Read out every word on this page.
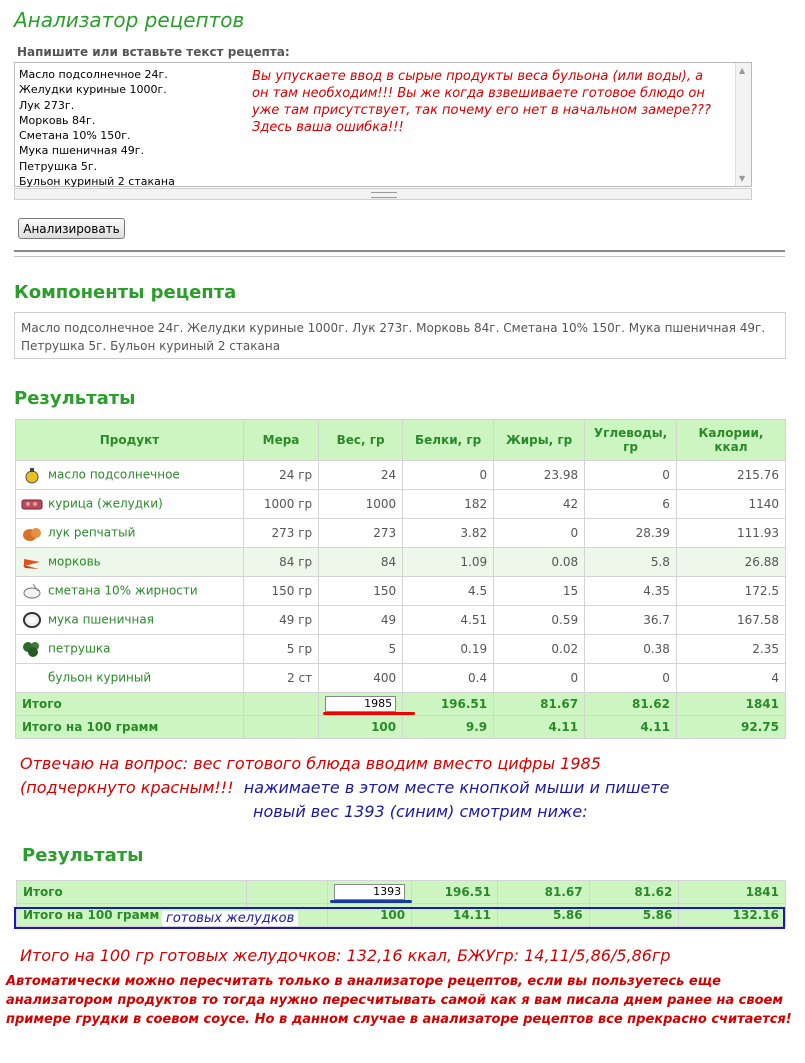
Анализатор рецептов
Напишите или вставьте текст рецепта:
Масло подсолнечное 24г.
Желудки куриные 1000г.
Лук 273г.
Морковь 84г.
Сметана 10% 150г.
Мука пшеничная 49г.
Петрушка 5г.
Бульон куриный 2 стакана
▲
▼
Вы упускаете ввод в сырые продукты веса бульона (или воды), а он там необходим!!! Вы же когда взвешиваете готовое блюдо он уже там присутствует, так почему его нет в начальном замере??? Здесь ваша ошибка!!!
Анализировать
Компоненты рецепта
Масло подсолнечное 24г. Желудки куриные 1000г. Лук 273г. Морковь 84г. Сметана 10% 150г. Мука пшеничная 49г. Петрушка 5г. Бульон куриный 2 стакана
Результаты
Продукт	Мера	Вес, гр	Белки, гр	Жиры, гр	Углеводы, гр	Калории, ккал
масло подсолнечное	24 гр	24	0	23.98	0	215.76
курица (желудки)	1000 гр	1000	182	42	6	1140
лук репчатый	273 гр	273	3.82	0	28.39	111.93
морковь	84 гр	84	1.09	0.08	5.8	26.88
сметана 10% жирности	150 гр	150	4.5	15	4.35	172.5
мука пшеничная	49 гр	49	4.51	0.59	36.7	167.58
петрушка	5 гр	5	0.19	0.02	0.38	2.35
бульон куриный	2 ст	400	0.4	0	0	4
Итого		1985	196.51	81.67	81.62	1841
Итого на 100 грамм		100	9.9	4.11	4.11	92.75
Отвечаю на вопрос: вес готового блюда вводим вместо цифры 1985
(подчеркнуто красным!!! нажимаете в этом месте кнопкой мыши и пишете
новый вес 1393 (синим) смотрим ниже:
Результаты
Итого		1393	196.51	81.67	81.62	1841
Итого на 100 грамм		100	14.11	5.86	5.86	132.16
готовых желудков
Итого на 100 гр готовых желудочков: 132,16 ккал, БЖУгр: 14,11/5,86/5,86гр
Автоматически можно пересчитать только в анализаторе рецептов, если вы пользуетесь еще анализатором продуктов то тогда нужно пересчитывать самой как я вам писала днем ранее на своем примере грудки в соевом соусе. Но в данном случае в анализаторе рецептов все прекрасно считается!
